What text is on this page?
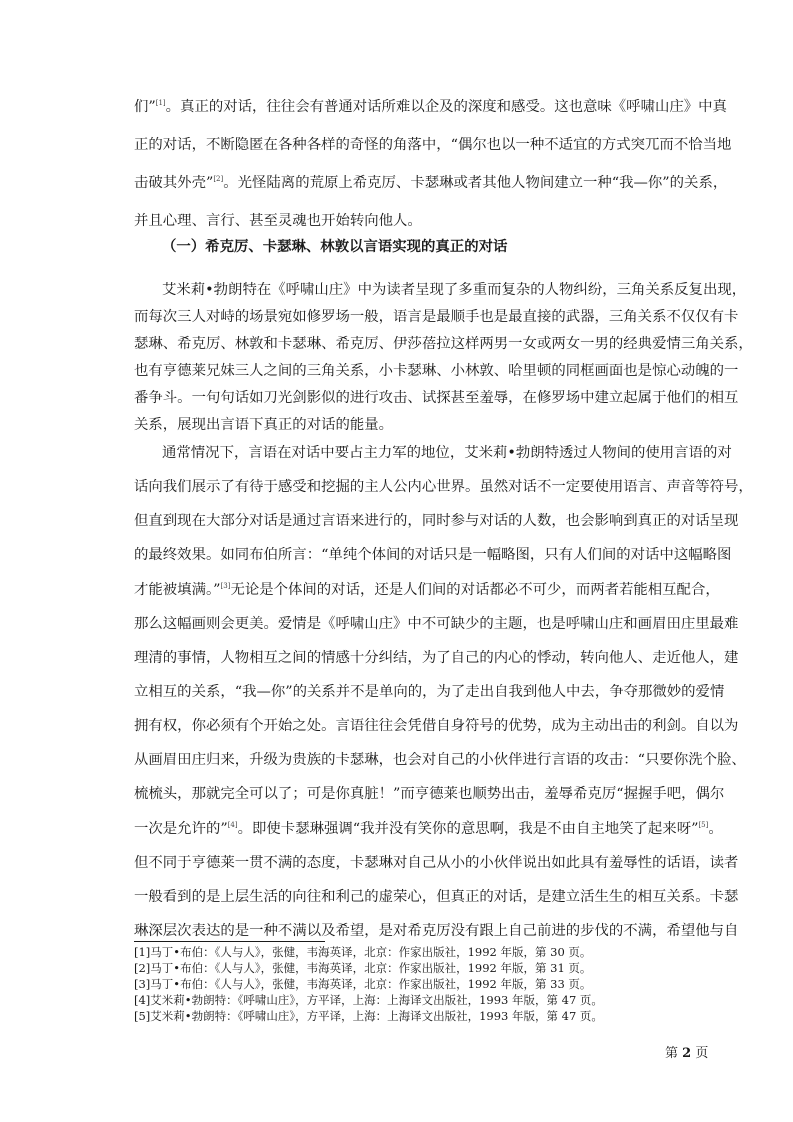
们”[1]。真正的对话，往往会有普通对话所难以企及的深度和感受。这也意味《呼啸山庄》中真
正的对话，不断隐匿在各种各样的奇怪的角落中，“偶尔也以一种不适宜的方式突兀而不恰当地
击破其外壳”[2]。光怪陆离的荒原上希克厉、卡瑟琳或者其他人物间建立一种“我—你”的关系，
并且心理、言行、甚至灵魂也开始转向他人。
（一）希克厉、卡瑟琳、林敦以言语实现的真正的对话
艾米莉•勃朗特在《呼啸山庄》中为读者呈现了多重而复杂的人物纠纷，三角关系反复出现，
而每次三人对峙的场景宛如修罗场一般，语言是最顺手也是最直接的武器，三角关系不仅仅有卡
瑟琳、希克厉、林敦和卡瑟琳、希克厉、伊莎蓓拉这样两男一女或两女一男的经典爱情三角关系，
也有亨德莱兄妹三人之间的三角关系，小卡瑟琳、小林敦、哈里顿的同框画面也是惊心动魄的一
番争斗。一句句话如刀光剑影似的进行攻击、试探甚至羞辱，在修罗场中建立起属于他们的相互
关系，展现出言语下真正的对话的能量。
通常情况下，言语在对话中要占主力军的地位，艾米莉•勃朗特透过人物间的使用言语的对
话向我们展示了有待于感受和挖掘的主人公内心世界。虽然对话不一定要使用语言、声音等符号，
但直到现在大部分对话是通过言语来进行的，同时参与对话的人数，也会影响到真正的对话呈现
的最终效果。如同布伯所言：“单纯个体间的对话只是一幅略图，只有人们间的对话中这幅略图
才能被填满。”[3]无论是个体间的对话，还是人们间的对话都必不可少，而两者若能相互配合，
那么这幅画则会更美。爱情是《呼啸山庄》中不可缺少的主题，也是呼啸山庄和画眉田庄里最难
理清的事情，人物相互之间的情感十分纠结，为了自己的内心的悸动，转向他人、走近他人，建
立相互的关系，“我—你”的关系并不是单向的，为了走出自我到他人中去，争夺那微妙的爱情
拥有权，你必须有个开始之处。言语往往会凭借自身符号的优势，成为主动出击的利剑。自以为
从画眉田庄归来，升级为贵族的卡瑟琳，也会对自己的小伙伴进行言语的攻击：“只要你洗个脸、
梳梳头，那就完全可以了；可是你真脏！”而亨德莱也顺势出击，羞辱希克厉“握握手吧，偶尔
一次是允许的”[4]。即使卡瑟琳强调“我并没有笑你的意思啊，我是不由自主地笑了起来呀”[5]。
但不同于亨德莱一贯不满的态度，卡瑟琳对自己从小的小伙伴说出如此具有羞辱性的话语，读者
一般看到的是上层生活的向往和利己的虚荣心，但真正的对话，是建立活生生的相互关系。卡瑟
琳深层次表达的是一种不满以及希望，是对希克厉没有跟上自己前进的步伐的不满，希望他与自
[1]马丁•布伯：《人与人》，张健，韦海英译，北京：作家出版社，1992 年版，第 30 页。
[2]马丁•布伯：《人与人》，张健，韦海英译，北京：作家出版社，1992 年版，第 31 页。
[3]马丁•布伯：《人与人》，张健，韦海英译，北京：作家出版社，1992 年版，第 33 页。
[4]艾米莉•勃朗特：《呼啸山庄》，方平译，上海：上海译文出版社，1993 年版，第 47 页。
[5]艾米莉•勃朗特：《呼啸山庄》，方平译，上海：上海译文出版社，1993 年版，第 47 页。
第 2 页
